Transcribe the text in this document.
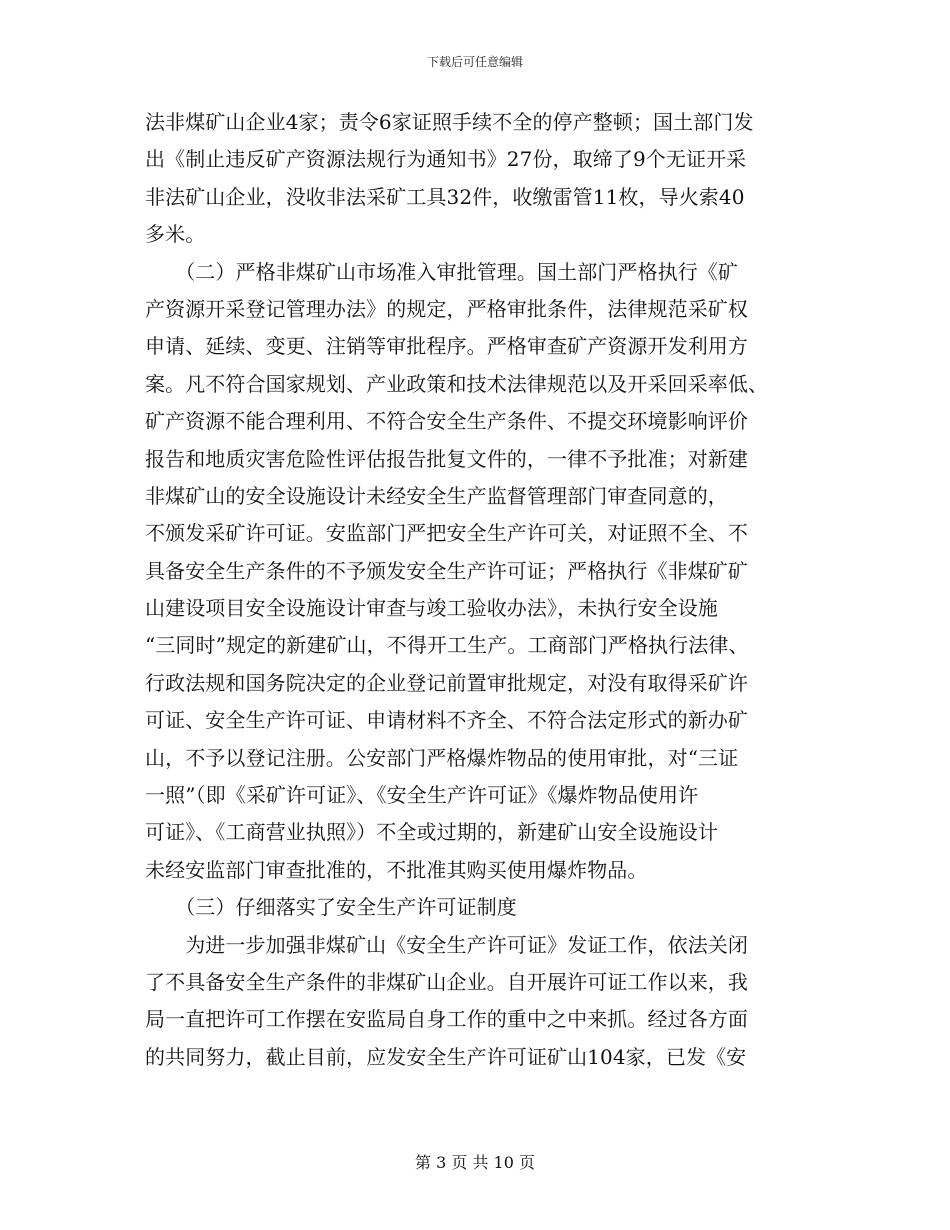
下载后可任意编辑
法非煤矿山企业4家；责令6家证照手续不全的停产整顿；国土部门发
出《制止违反矿产资源法规行为通知书》27份，取缔了9个无证开采
非法矿山企业，没收非法采矿工具32件，收缴雷管11枚，导火索40
多米。
　　（二）严格非煤矿山市场准入审批管理。国土部门严格执行《矿
产资源开采登记管理办法》的规定，严格审批条件，法律规范采矿权
申请、延续、变更、注销等审批程序。严格审查矿产资源开发利用方
案。凡不符合国家规划、产业政策和技术法律规范以及开采回采率低、
矿产资源不能合理利用、不符合安全生产条件、不提交环境影响评价
报告和地质灾害危险性评估报告批复文件的，一律不予批准；对新建
非煤矿山的安全设施设计未经安全生产监督管理部门审查同意的，
不颁发采矿许可证。安监部门严把安全生产许可关，对证照不全、不
具备安全生产条件的不予颁发安全生产许可证；严格执行《非煤矿矿
山建设项目安全设施设计审查与竣工验收办法》，未执行安全设施
“三同时”规定的新建矿山，不得开工生产。工商部门严格执行法律、
行政法规和国务院决定的企业登记前置审批规定，对没有取得采矿许
可证、安全生产许可证、申请材料不齐全、不符合法定形式的新办矿
山，不予以登记注册。公安部门严格爆炸物品的使用审批，对“三证
一照”（即《采矿许可证》、《安全生产许可证》《爆炸物品使用许
可证》、《工商营业执照》）不全或过期的，新建矿山安全设施设计
未经安监部门审查批准的，不批准其购买使用爆炸物品。
　　（三）仔细落实了安全生产许可证制度
　　为进一步加强非煤矿山《安全生产许可证》发证工作，依法关闭
了不具备安全生产条件的非煤矿山企业。自开展许可证工作以来，我
局一直把许可工作摆在安监局自身工作的重中之中来抓。经过各方面
的共同努力，截止目前，应发安全生产许可证矿山104家，已发《安
第 3 页 共 10 页
